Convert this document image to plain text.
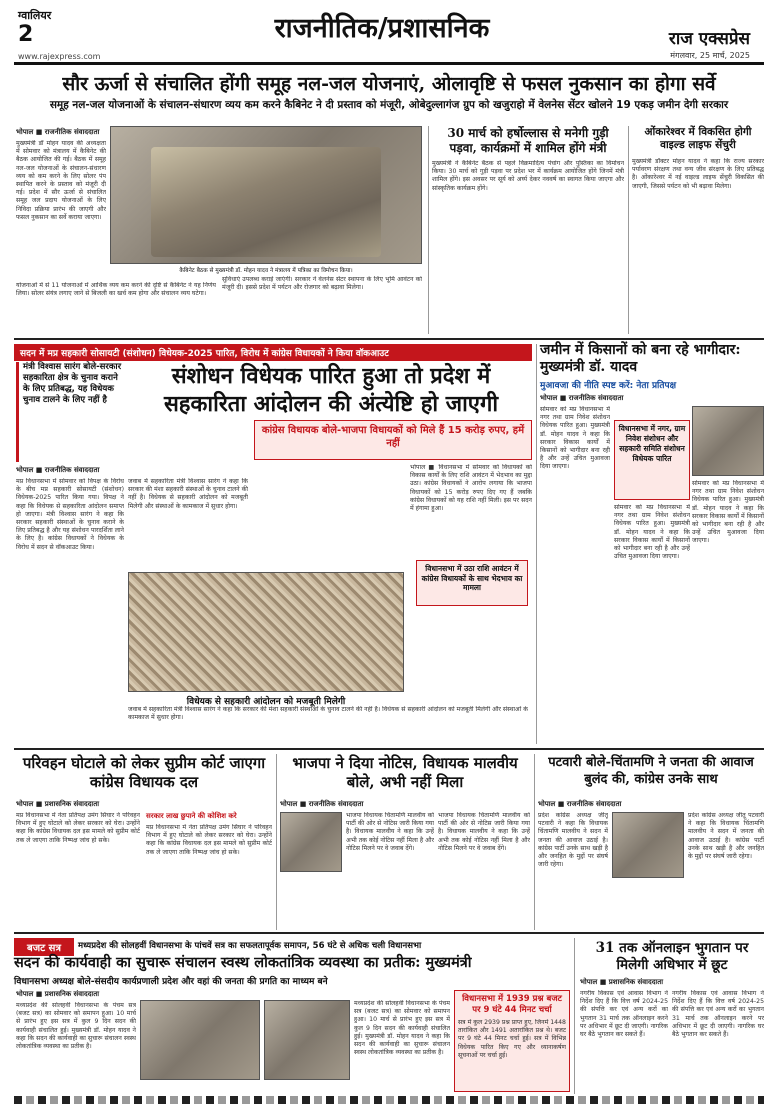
ग्वालियर
2
www.rajexpress.com
राजनीतिक/प्रशासनिक	राज एक्सप्रेस
मंगलवार, 25 मार्च, 2025
सौर ऊर्जा से संचालित होंगी समूह नल-जल योजनाएं, ओलावृष्टि से फसल नुकसान का होगा सर्वे
समूह नल-जल योजनाओं के संचालन-संधारण व्यय कम करने कैबिनेट ने दी प्रस्ताव को मंजूरी, ओबेदुल्लागंज ग्रुप को खजुराहो में वेलनेस सेंटर खोलने 19 एकड़ जमीन देगी सरकार
भोपाल ■ राजनीतिक संवाददाता
मुख्यमंत्री डॉ मोहन यादव की अध्यक्षता में सोमवार को मंत्रालय में कैबिनेट की बैठक आयोजित की गई। बैठक में समूह नल-जल योजनाओं के संचालन-संधारण व्यय को कम करने के लिए सोलर पंप स्थापित करने के प्रस्ताव को मंजूरी दी गई। प्रदेश में सौर ऊर्जा से संचालित समूह जल प्रदाय योजनाओं के लिए निविदा प्रक्रिया प्रारंभ की जाएगी और फसल नुकसान का सर्वे कराया जाएगा।
कैबिनेट बैठक से मुख्यमंत्री डॉ. मोहन यादव ने मंत्रालय में पत्रिका का विमोचन किया।
योजनाओं में से 11 योजनाओं में आर्थिक व्यय कम करने की दृष्टि से कैबिनेट ने यह निर्णय लिया। सोलर संयंत्र लगाए जाने से बिजली का खर्च कम होगा और संचालन व्यय घटेगा।
सुविधाएं उपलब्ध कराई जाएंगी। सरकार ने वेलनेस सेंटर स्थापना के लिए भूमि आवंटन को मंजूरी दी। इससे प्रदेश में पर्यटन और रोजगार को बढ़ावा मिलेगा।
30 मार्च को हर्षोल्लास से मनेगी गुड़ी पड़वा, कार्यक्रमों में शामिल होंगे मंत्री
मुख्यमंत्री ने कैबिनेट बैठक से पहले विक्रमादित्य पंचांग और पुस्तिका का विमोचन किया। 30 मार्च को गुड़ी पड़वा पर प्रदेश भर में कार्यक्रम आयोजित होंगे जिनमें मंत्री शामिल होंगे। इस अवसर पर सूर्य को अर्घ्य देकर नववर्ष का स्वागत किया जाएगा और सांस्कृतिक कार्यक्रम होंगे।
ओंकारेश्वर में विकसित होगी वाइल्ड लाइफ सेंचुरी
मुख्यमंत्री डॉक्टर मोहन यादव ने कहा कि राज्य सरकार पर्यावरण संरक्षण तथा वन्य जीव संरक्षण के लिए प्रतिबद्ध है। ओंकारेश्वर में नई वाइल्ड लाइफ सेंचुरी विकसित की जाएगी, जिससे पर्यटन को भी बढ़ावा मिलेगा।
सदन में मप्र सहकारी सोसायटी (संशोधन) विधेयक-2025 पारित, विरोध में कांग्रेस विधायकों ने किया वॉकआउट
मंत्री विश्वास सारंग बोले-सरकार सहकारिता क्षेत्र के चुनाव कराने के लिए प्रतिबद्ध, यह विधेयक चुनाव टालने के लिए नहीं है
संशोधन विधेयक पारित हुआ तो प्रदेश में सहकारिता आंदोलन की अंत्येष्टि हो जाएगी
भोपाल ■ राजनीतिक संवाददाता
मप्र विधानसभा में सोमवार को विपक्ष के विरोध के बीच मप्र सहकारी सोसायटी (संशोधन) विधेयक-2025 पारित किया गया। विपक्ष ने कहा कि विधेयक से सहकारिता आंदोलन समाप्त हो जाएगा। मंत्री विश्वास सारंग ने कहा कि सरकार सहकारी संस्थाओं के चुनाव कराने के लिए प्रतिबद्ध है और यह संशोधन पारदर्शिता लाने के लिए है। कांग्रेस विधायकों ने विधेयक के विरोध में सदन से वॉकआउट किया।
जवाब में सहकारिता मंत्री विश्वास सारंग ने कहा कि सरकार की मंशा सहकारी संस्थाओं के चुनाव टालने की नहीं है। विधेयक से सहकारी आंदोलन को मजबूती मिलेगी और संस्थाओं के कामकाज में सुधार होगा।
कांग्रेस विधायक बोले-भाजपा विधायकों को मिले हैं 15 करोड़ रुपए, हमें नहीं
विधेयक से सहकारी आंदोलन को मजबूती मिलेगी
जवाब में सहकारिता मंत्री विश्वास सारंग ने कहा कि सरकार की मंशा सहकारी संस्थाओं के चुनाव टालने की नहीं है। विधेयक से सहकारी आंदोलन को मजबूती मिलेगी और संस्थाओं के कामकाज में सुधार होगा।
भोपाल ■ विधानसभा में सोमवार को विधायकों को विकास कार्यों के लिए राशि आवंटन में भेदभाव का मुद्दा उठा। कांग्रेस विधायकों ने आरोप लगाया कि भाजपा विधायकों को 15 करोड़ रुपए दिए गए हैं जबकि कांग्रेस विधायकों को यह राशि नहीं मिली। इस पर सदन में हंगामा हुआ।
विधानसभा में उठा राशि आवंटन में कांग्रेस विधायकों के साथ भेदभाव का मामला
जमीन में किसानों को बना रहे भागीदार: मुख्यमंत्री डॉ. यादव
मुआवजा की नीति स्पष्ट करें: नेता प्रतिपक्ष
भोपाल ■ राजनीतिक संवाददाता
सोमवार को मप्र विधानसभा में नगर तथा ग्राम निवेश संशोधन विधेयक पारित हुआ। मुख्यमंत्री डॉ. मोहन यादव ने कहा कि सरकार विकास कार्यों में किसानों को भागीदार बना रही है और उन्हें उचित मुआवजा दिया जाएगा।
विधानसभा में नगर, ग्राम निवेश संशोधन और सहकारी समिति संशोधन विधेयक पारित
सोमवार को मप्र विधानसभा में नगर तथा ग्राम निवेश संशोधन विधेयक पारित हुआ। मुख्यमंत्री डॉ. मोहन यादव ने कहा कि सरकार विकास कार्यों में किसानों को भागीदार बना रही है और उन्हें उचित मुआवजा दिया जाएगा।
सोमवार को मप्र विधानसभा में नगर तथा ग्राम निवेश संशोधन विधेयक पारित हुआ। मुख्यमंत्री डॉ. मोहन यादव ने कहा कि सरकार विकास कार्यों में किसानों को भागीदार बना रही है और उन्हें उचित मुआवजा दिया जाएगा।
परिवहन घोटाले को लेकर सुप्रीम कोर्ट जाएगा कांग्रेस विधायक दल
भोपाल ■ प्रशासनिक संवाददाता
मप्र विधानसभा में नेता प्रतिपक्ष उमंग सिंघार ने परिवहन विभाग में हुए घोटाले को लेकर सरकार को घेरा। उन्होंने कहा कि कांग्रेस विधायक दल इस मामले को सुप्रीम कोर्ट तक ले जाएगा ताकि निष्पक्ष जांच हो सके।
सरकार लाख छुपाने की कोशिश करे
मप्र विधानसभा में नेता प्रतिपक्ष उमंग सिंघार ने परिवहन विभाग में हुए घोटाले को लेकर सरकार को घेरा। उन्होंने कहा कि कांग्रेस विधायक दल इस मामले को सुप्रीम कोर्ट तक ले जाएगा ताकि निष्पक्ष जांच हो सके।
भाजपा ने दिया नोटिस, विधायक मालवीय बोले, अभी नहीं मिला
भोपाल ■ राजनीतिक संवाददाता
भाजपा विधायक चिंतामणि मालवीय को पार्टी की ओर से नोटिस जारी किया गया है। विधायक मालवीय ने कहा कि उन्हें अभी तक कोई नोटिस नहीं मिला है और नोटिस मिलने पर वे जवाब देंगे।
भाजपा विधायक चिंतामणि मालवीय को पार्टी की ओर से नोटिस जारी किया गया है। विधायक मालवीय ने कहा कि उन्हें अभी तक कोई नोटिस नहीं मिला है और नोटिस मिलने पर वे जवाब देंगे।
पटवारी बोले-चिंतामणि ने जनता की आवाज बुलंद की, कांग्रेस उनके साथ
भोपाल ■ राजनीतिक संवाददाता
प्रदेश कांग्रेस अध्यक्ष जीतू पटवारी ने कहा कि विधायक चिंतामणि मालवीय ने सदन में जनता की आवाज उठाई है। कांग्रेस पार्टी उनके साथ खड़ी है और जनहित के मुद्दों पर संघर्ष जारी रहेगा।
प्रदेश कांग्रेस अध्यक्ष जीतू पटवारी ने कहा कि विधायक चिंतामणि मालवीय ने सदन में जनता की आवाज उठाई है। कांग्रेस पार्टी उनके साथ खड़ी है और जनहित के मुद्दों पर संघर्ष जारी रहेगा।
बजट सत्र	मध्यप्रदेश की सोलहवीं विधानसभा के पांचवें सत्र का सफलतापूर्वक समापन, 56 घंटे से अधिक चली विधानसभा
सदन की कार्यवाही का सुचारू संचालन स्वस्थ लोकतांत्रिक व्यवस्था का प्रतीक: मुख्यमंत्री
विधानसभा अध्यक्ष बोले-संसदीय कार्यप्रणाली प्रदेश और वहां की जनता की प्रगति का माध्यम बने
भोपाल ■ प्रशासनिक संवाददाता
मध्यप्रदेश की सोलहवीं विधानसभा के पंचम सत्र (बजट सत्र) का सोमवार को समापन हुआ। 10 मार्च से प्रारंभ हुए इस सत्र में कुल 9 दिन सदन की कार्यवाही संचालित हुई। मुख्यमंत्री डॉ. मोहन यादव ने कहा कि सदन की कार्यवाही का सुचारू संचालन स्वस्थ लोकतांत्रिक व्यवस्था का प्रतीक है।
मध्यप्रदेश की सोलहवीं विधानसभा के पंचम सत्र (बजट सत्र) का सोमवार को समापन हुआ। 10 मार्च से प्रारंभ हुए इस सत्र में कुल 9 दिन सदन की कार्यवाही संचालित हुई। मुख्यमंत्री डॉ. मोहन यादव ने कहा कि सदन की कार्यवाही का सुचारू संचालन स्वस्थ लोकतांत्रिक व्यवस्था का प्रतीक है।
विधानसभा में 1939 प्रश्न बजट पर 9 घंटे 44 मिनट चर्चा
सत्र में कुल 2939 प्रश्न प्राप्त हुए, जिनमें 1448 तारांकित और 1491 अतारांकित प्रश्न थे। बजट पर 9 घंटे 44 मिनट चर्चा हुई। सत्र में विभिन्न विधेयक पारित किए गए और ध्यानाकर्षण सूचनाओं पर चर्चा हुई।
31 तक ऑनलाइन भुगतान पर मिलेगी अधिभार में छूट
भोपाल ■ प्रशासनिक संवाददाता
नगरीय विकास एवं आवास विभाग ने निर्देश दिए हैं कि वित्त वर्ष 2024-25 की संपत्ति कर एवं अन्य करों का भुगतान 31 मार्च तक ऑनलाइन करने पर अधिभार में छूट दी जाएगी। नागरिक घर बैठे भुगतान कर सकते हैं।
नगरीय विकास एवं आवास विभाग ने निर्देश दिए हैं कि वित्त वर्ष 2024-25 की संपत्ति कर एवं अन्य करों का भुगतान 31 मार्च तक ऑनलाइन करने पर अधिभार में छूट दी जाएगी। नागरिक घर बैठे भुगतान कर सकते हैं।
